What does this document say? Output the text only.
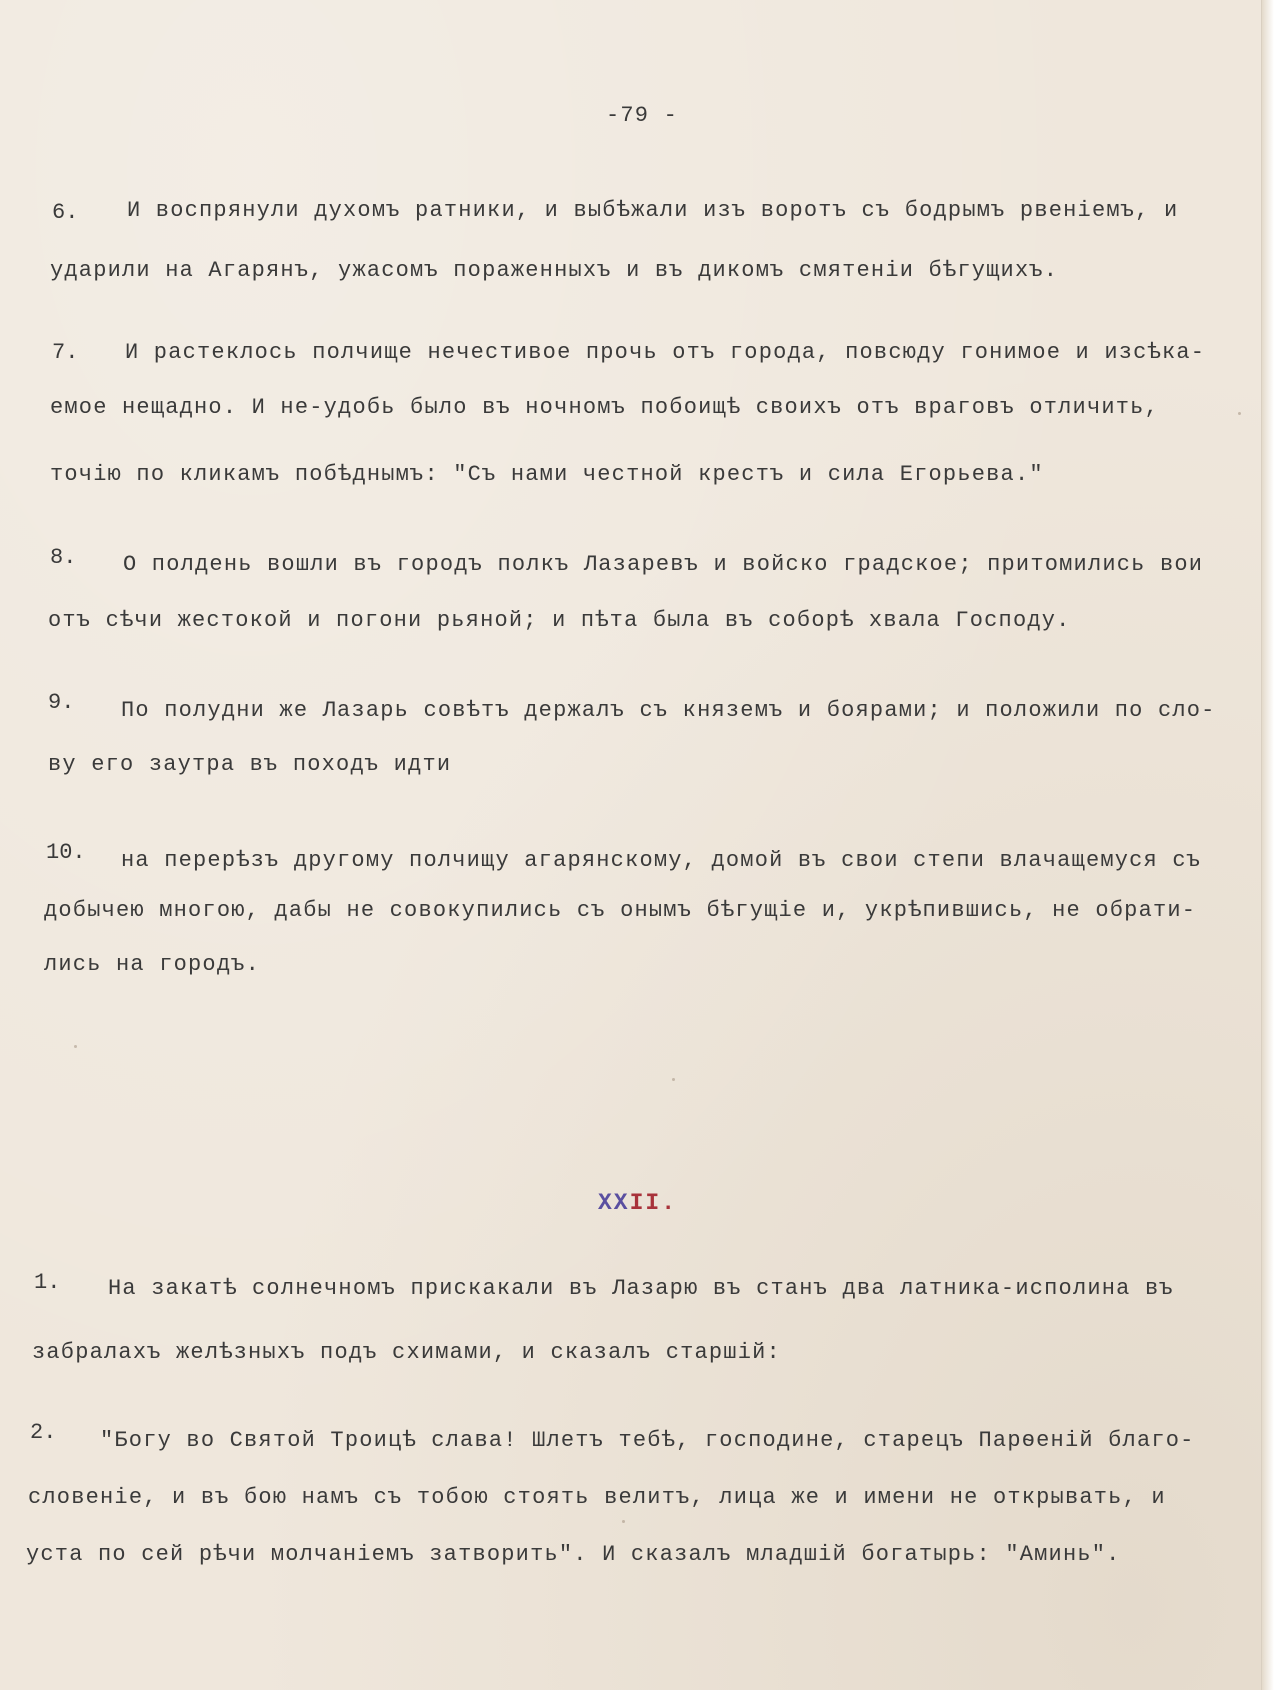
-79 -
6. И воспрянули духомъ ратники, и выбѣжали изъ воротъ съ бодрымъ рвеніемъ, и
ударили на Агарянъ, ужасомъ пораженныхъ и въ дикомъ смятеніи бѣгущихъ.
7. И растеклось полчище нечестивое прочь отъ города, повсюду гонимое и изсѣка-
емое нещадно. И не-удобь было въ ночномъ побоищѣ своихъ отъ враговъ отличить,
точію по кликамъ побѣднымъ: "Съ нами честной крестъ и сила Егорьева."
8. О полдень вошли въ городъ полкъ Лазаревъ и войско градское; притомились вои
отъ сѣчи жестокой и погони рьяной; и пѣта была въ соборѣ хвала Господу.
9. По полудни же Лазарь совѣтъ держалъ съ княземъ и боярами; и положили по сло-
ву его заутра въ походъ идти
10. на перерѣзъ другому полчищу агарянскому, домой въ свои степи влачащемуся съ
добычею многою, дабы не совокупились съ онымъ бѣгущіе и, укрѣпившись, не обрати-
лись на городъ.
XXII.
1. На закатѣ солнечномъ прискакали въ Лазарю въ станъ два латника-исполина въ
забралахъ желѣзныхъ подъ схимами, и сказалъ старшій:
2. "Богу во Святой Троицѣ слава! Шлетъ тебѣ, господине, старецъ Парѳеній благо-
словеніе, и въ бою намъ съ тобою стоять велитъ, лица же и имени не открывать, и
уста по сей рѣчи молчаніемъ затворить". И сказалъ младшій богатырь: "Аминь".
